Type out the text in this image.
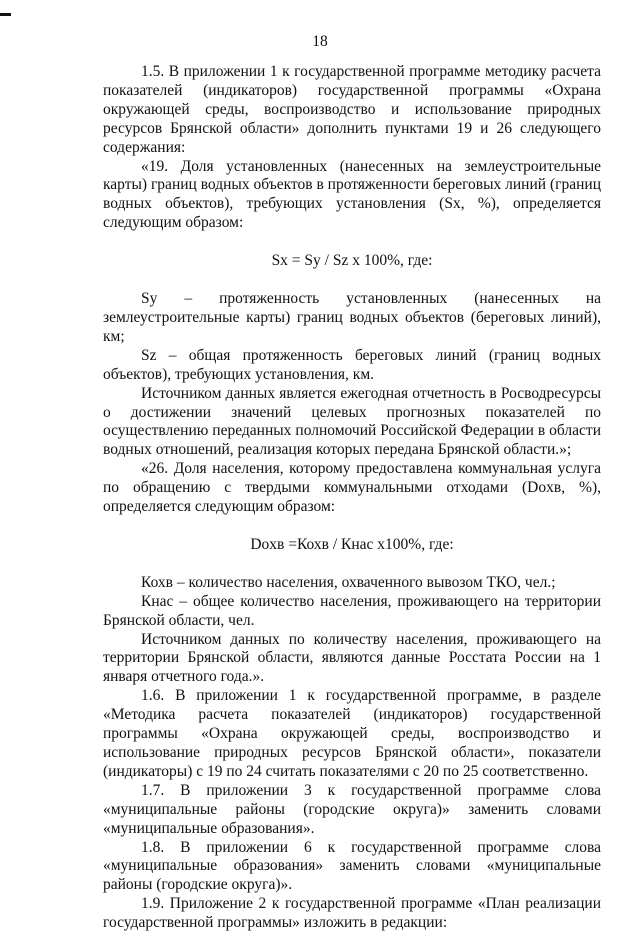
18

1.5. В приложении 1 к государственной программе методику расчета показателей (индикаторов) государственной программы «Охрана окружающей среды, воспроизводство и использование природных ресурсов Брянской области» дополнить пунктами 19 и 26 следующего содержания:

«19. Доля установленных (нанесенных на землеустроительные карты) границ водных объектов в протяженности береговых линий (границ водных объектов), требующих установления (Sx, %), определяется следующим образом:

Sx = Sy / Sz x 100%, где:

Sy – протяженность установленных (нанесенных на землеустроительные карты) границ водных объектов (береговых линий), км;

Sz – общая протяженность береговых линий (границ водных объектов), требующих установления, км.

Источником данных является ежегодная отчетность в Росводресурсы о достижении значений целевых прогнозных показателей по осуществлению переданных полномочий Российской Федерации в области водных отношений, реализация которых передана Брянской области.»;

«26. Доля населения, которому предоставлена коммунальная услуга по обращению с твердыми коммунальными отходами (Doxв, %), определяется следующим образом:

Doxв =Кохв / Кнас x100%, где:

Кохв – количество населения, охваченного вывозом ТКО, чел.;

Кнас – общее количество населения, проживающего на территории Брянской области, чел.

Источником данных по количеству населения, проживающего на территории Брянской области, являются данные Росстата России на 1 января отчетного года.».

1.6. В приложении 1 к государственной программе, в разделе «Методика расчета показателей (индикаторов) государственной программы «Охрана окружающей среды, воспроизводство и использование природных ресурсов Брянской области», показатели (индикаторы) с 19 по 24 считать показателями с 20 по 25 соответственно.

1.7. В приложении 3 к государственной программе слова «муниципальные районы (городские округа)» заменить словами «муниципальные образования».

1.8. В приложении 6 к государственной программе слова «муниципальные образования» заменить словами «муниципальные районы (городские округа)».

1.9. Приложение 2 к государственной программе «План реализации государственной программы» изложить в редакции:
